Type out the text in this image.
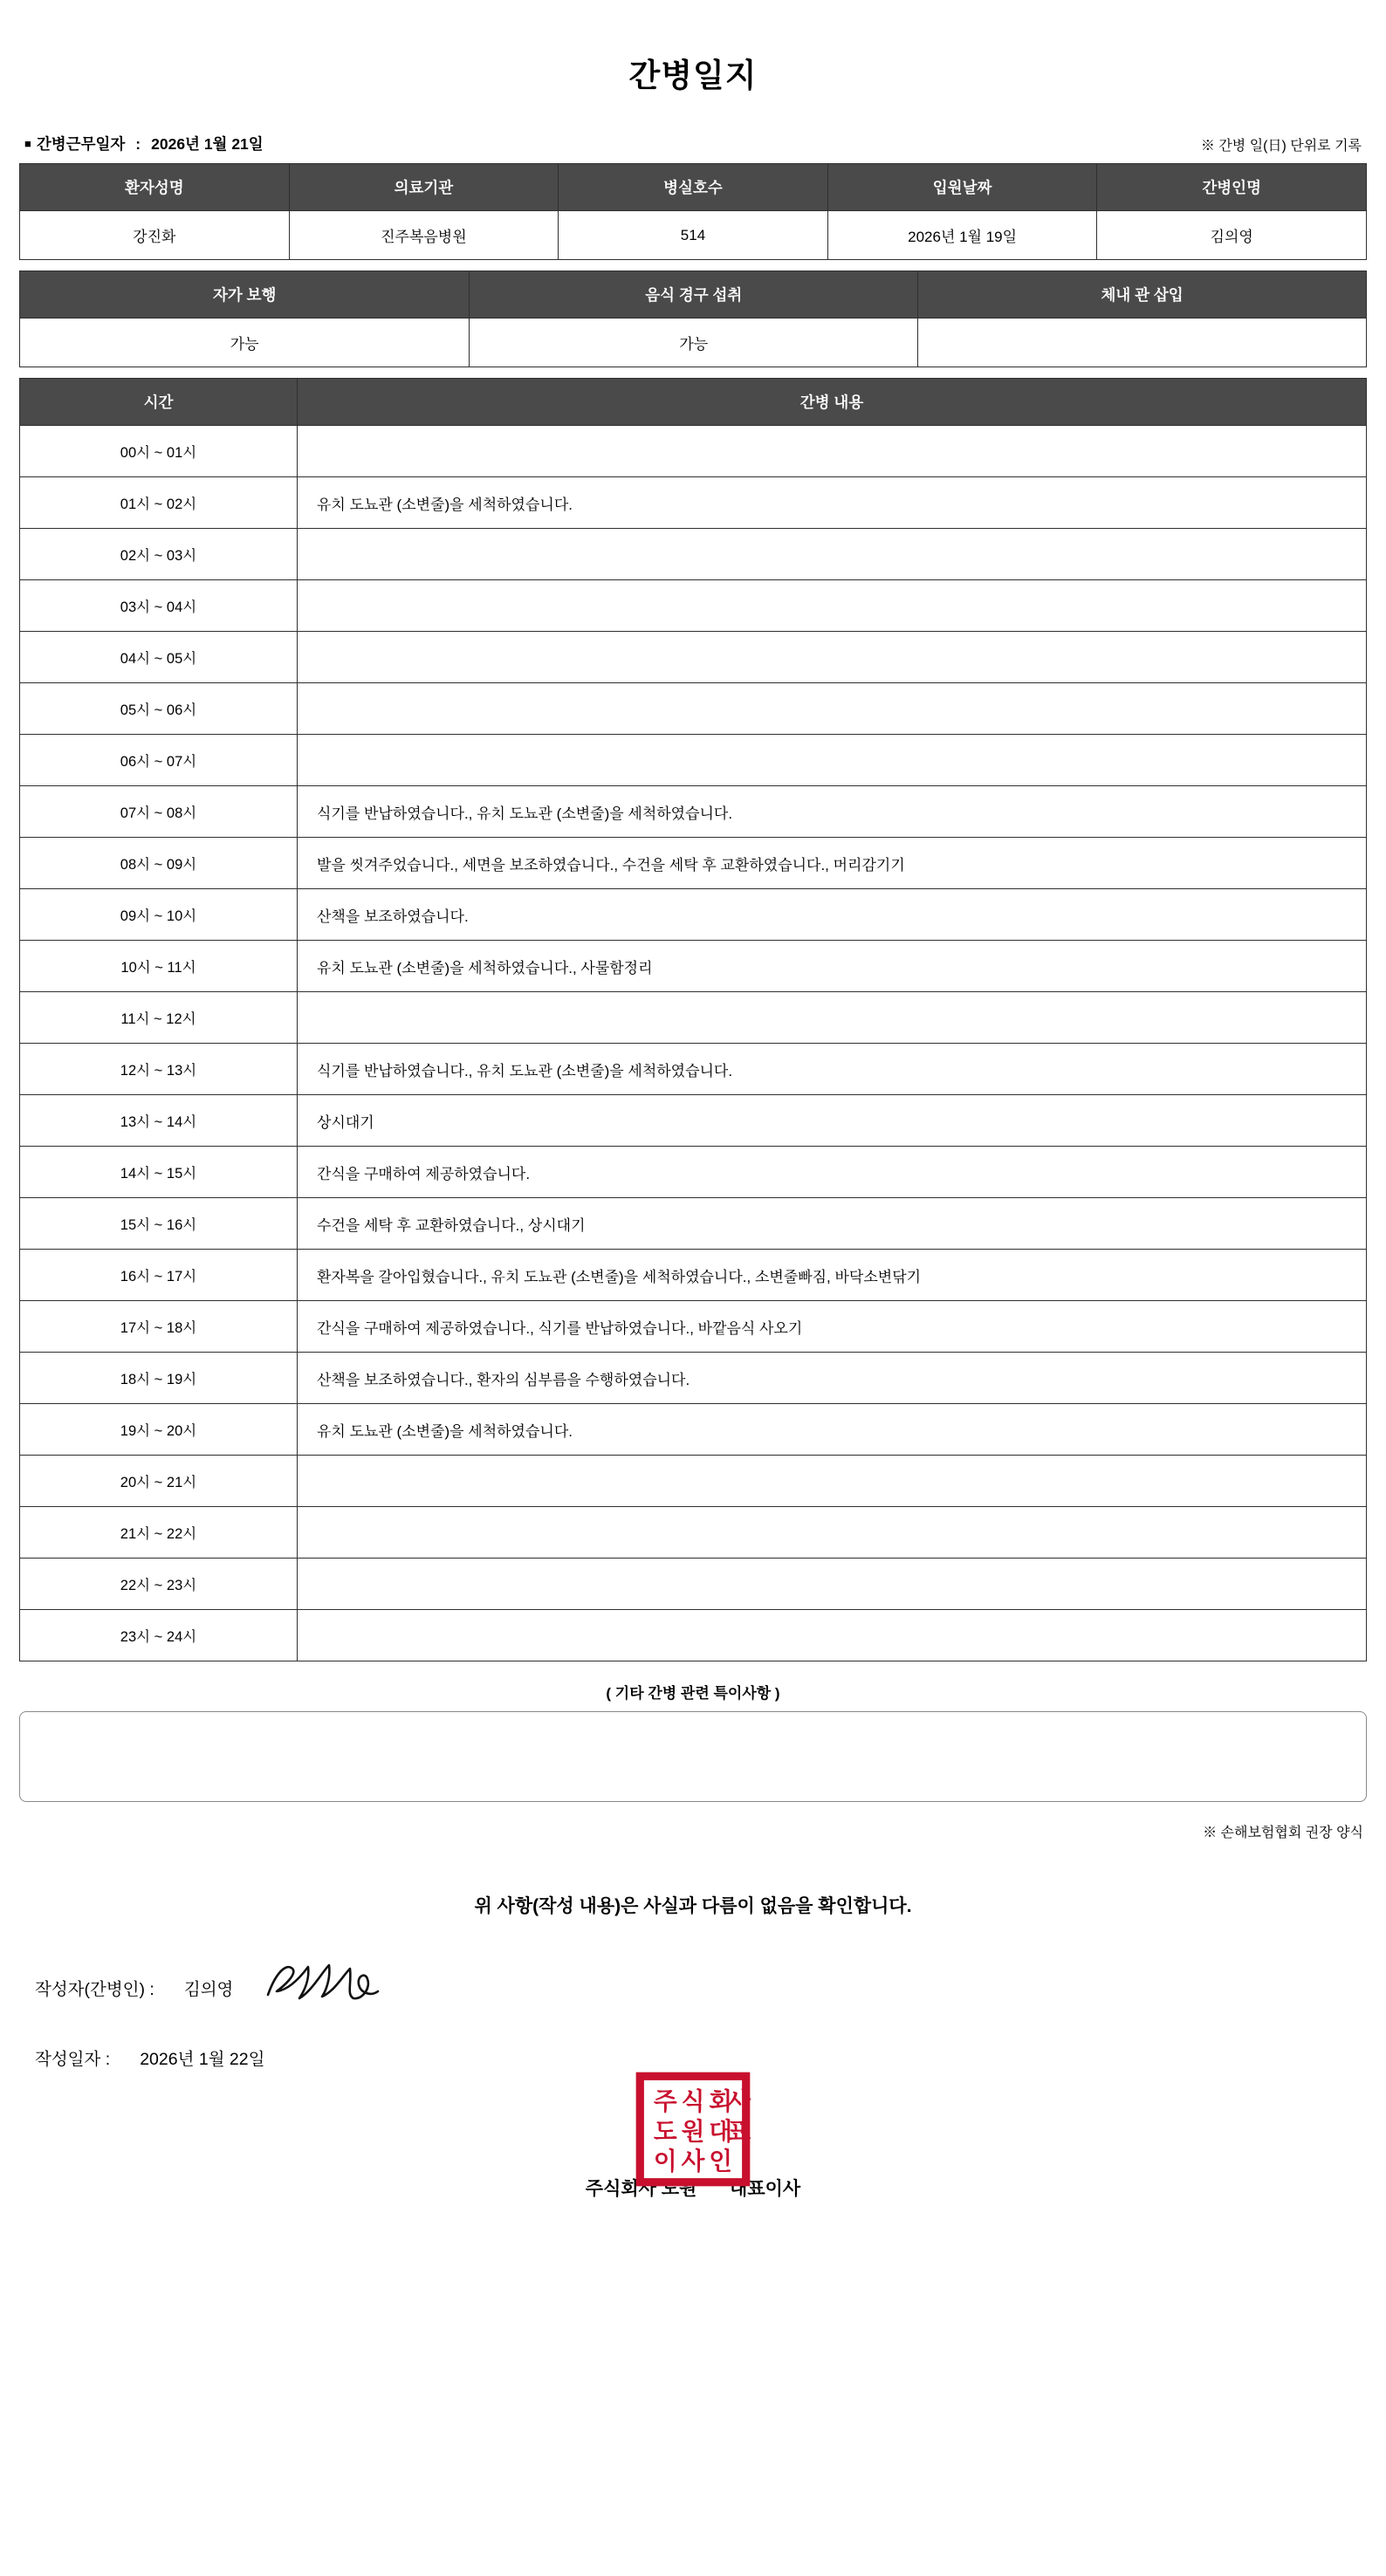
간병일지
■ 간병근무일자 : 2026년 1월 21일	※ 간병 일(日) 단위로 기록
환자성명	의료기관	병실호수	입원날짜	간병인명
강진화	진주복음병원	514	2026년 1월 19일	김의영
자가 보행	음식 경구 섭취	체내 관 삽입
가능	가능	
시간	간병 내용
00시 ~ 01시	
01시 ~ 02시	유치 도뇨관 (소변줄)을 세척하였습니다.
02시 ~ 03시	
03시 ~ 04시	
04시 ~ 05시	
05시 ~ 06시	
06시 ~ 07시	
07시 ~ 08시	식기를 반납하였습니다., 유치 도뇨관 (소변줄)을 세척하였습니다.
08시 ~ 09시	발을 씻겨주었습니다., 세면을 보조하였습니다., 수건을 세탁 후 교환하였습니다., 머리감기기
09시 ~ 10시	산책을 보조하였습니다.
10시 ~ 11시	유치 도뇨관 (소변줄)을 세척하였습니다., 사물함정리
11시 ~ 12시	
12시 ~ 13시	식기를 반납하였습니다., 유치 도뇨관 (소변줄)을 세척하였습니다.
13시 ~ 14시	상시대기
14시 ~ 15시	간식을 구매하여 제공하였습니다.
15시 ~ 16시	수건을 세탁 후 교환하였습니다., 상시대기
16시 ~ 17시	환자복을 갈아입혔습니다., 유치 도뇨관 (소변줄)을 세척하였습니다., 소변줄빠짐, 바닥소변닦기
17시 ~ 18시	간식을 구매하여 제공하였습니다., 식기를 반납하였습니다., 바깥음식 사오기
18시 ~ 19시	산책을 보조하였습니다., 환자의 심부름을 수행하였습니다.
19시 ~ 20시	유치 도뇨관 (소변줄)을 세척하였습니다.
20시 ~ 21시	
21시 ~ 22시	
22시 ~ 23시	
23시 ~ 24시	
( 기타 간병 관련 특이사항 )
※ 손해보험협회 권장 양식
위 사항(작성 내용)은 사실과 다름이 없음을 확인합니다.
작성자(간병인) : 김의영
작성일자 : 2026년 1월 22일
주 식 회
도 원 대
이 사 인
사
표
주식회사 도원 대표이사
